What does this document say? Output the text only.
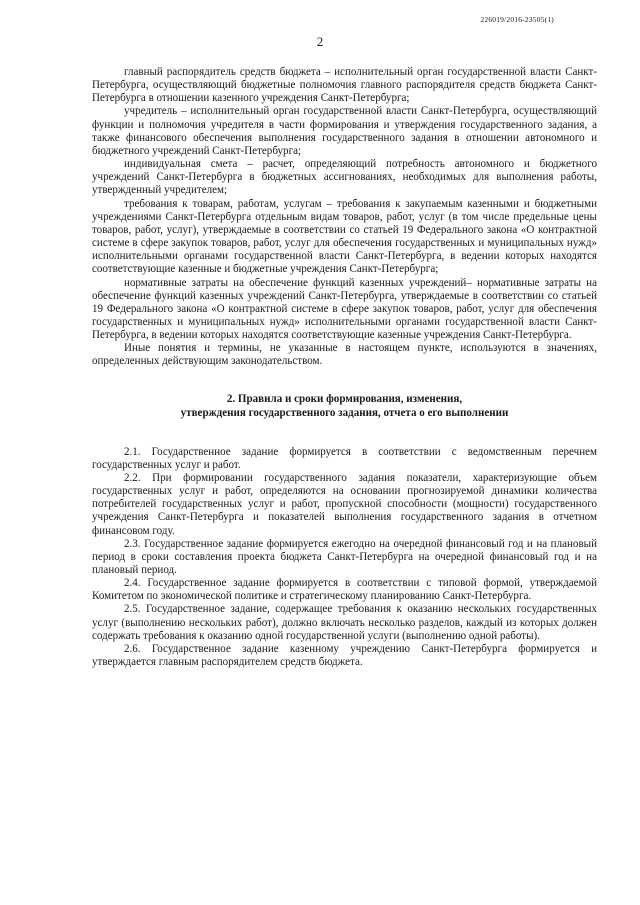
226019/2016-23505(1)
2

главный распорядитель средств бюджета – исполнительный орган государственной власти Санкт-Петербурга, осуществляющий бюджетные полномочия главного распорядителя средств бюджета Санкт-Петербурга в отношении казенного учреждения Санкт-Петербурга;

учредитель – исполнительный орган государственной власти Санкт-Петербурга, осуществляющий функции и полномочия учредителя в части формирования и утверждения государственного задания, а также финансового обеспечения выполнения государственного задания в отношении автономного и бюджетного учреждений Санкт-Петербурга;

индивидуальная смета – расчет, определяющий потребность автономного и бюджетного учреждений Санкт-Петербурга в бюджетных ассигнованиях, необходимых для выполнения работы, утвержденный учредителем;

требования к товарам, работам, услугам – требования к закупаемым казенными и бюджетными учреждениями Санкт-Петербурга отдельным видам товаров, работ, услуг (в том числе предельные цены товаров, работ, услуг), утверждаемые в соответствии со статьей 19 Федерального закона «О контрактной системе в сфере закупок товаров, работ, услуг для обеспечения государственных и муниципальных нужд» исполнительными органами государственной власти Санкт-Петербурга, в ведении которых находятся соответствующие казенные и бюджетные учреждения Санкт-Петербурга;

нормативные затраты на обеспечение функций казенных учреждений– нормативные затраты на обеспечение функций казенных учреждений Санкт-Петербурга, утверждаемые в соответствии со статьей 19 Федерального закона «О контрактной системе в сфере закупок товаров, работ, услуг для обеспечения государственных и муниципальных нужд» исполнительными органами государственной власти Санкт-Петербурга, в ведении которых находятся соответствующие казенные учреждения Санкт-Петербурга.

Иные понятия и термины, не указанные в настоящем пункте, используются в значениях, определенных действующим законодательством.

2. Правила и сроки формирования, изменения,
утверждения государственного задания, отчета о его выполнении

2.1. Государственное задание формируется в соответствии с ведомственным перечнем государственных услуг и работ.

2.2. При формировании государственного задания показатели, характеризующие объем государственных услуг и работ, определяются на основании прогнозируемой динамики количества потребителей государственных услуг и работ, пропускной способности (мощности) государственного учреждения Санкт-Петербурга и показателей выполнения государственного задания в отчетном финансовом году.

2.3. Государственное задание формируется ежегодно на очередной финансовый год и на плановый период в сроки составления проекта бюджета Санкт-Петербурга на очередной финансовый год и на плановый период.

2.4. Государственное задание формируется в соответствии с типовой формой, утверждаемой Комитетом по экономической политике и стратегическому планированию Санкт-Петербурга.

2.5. Государственное задание, содержащее требования к оказанию нескольких государственных услуг (выполнению нескольких работ), должно включать несколько разделов, каждый из которых должен содержать требования к оказанию одной государственной услуги (выполнению одной работы).

2.6. Государственное задание казенному учреждению Санкт-Петербурга формируется и утверждается главным распорядителем средств бюджета.
